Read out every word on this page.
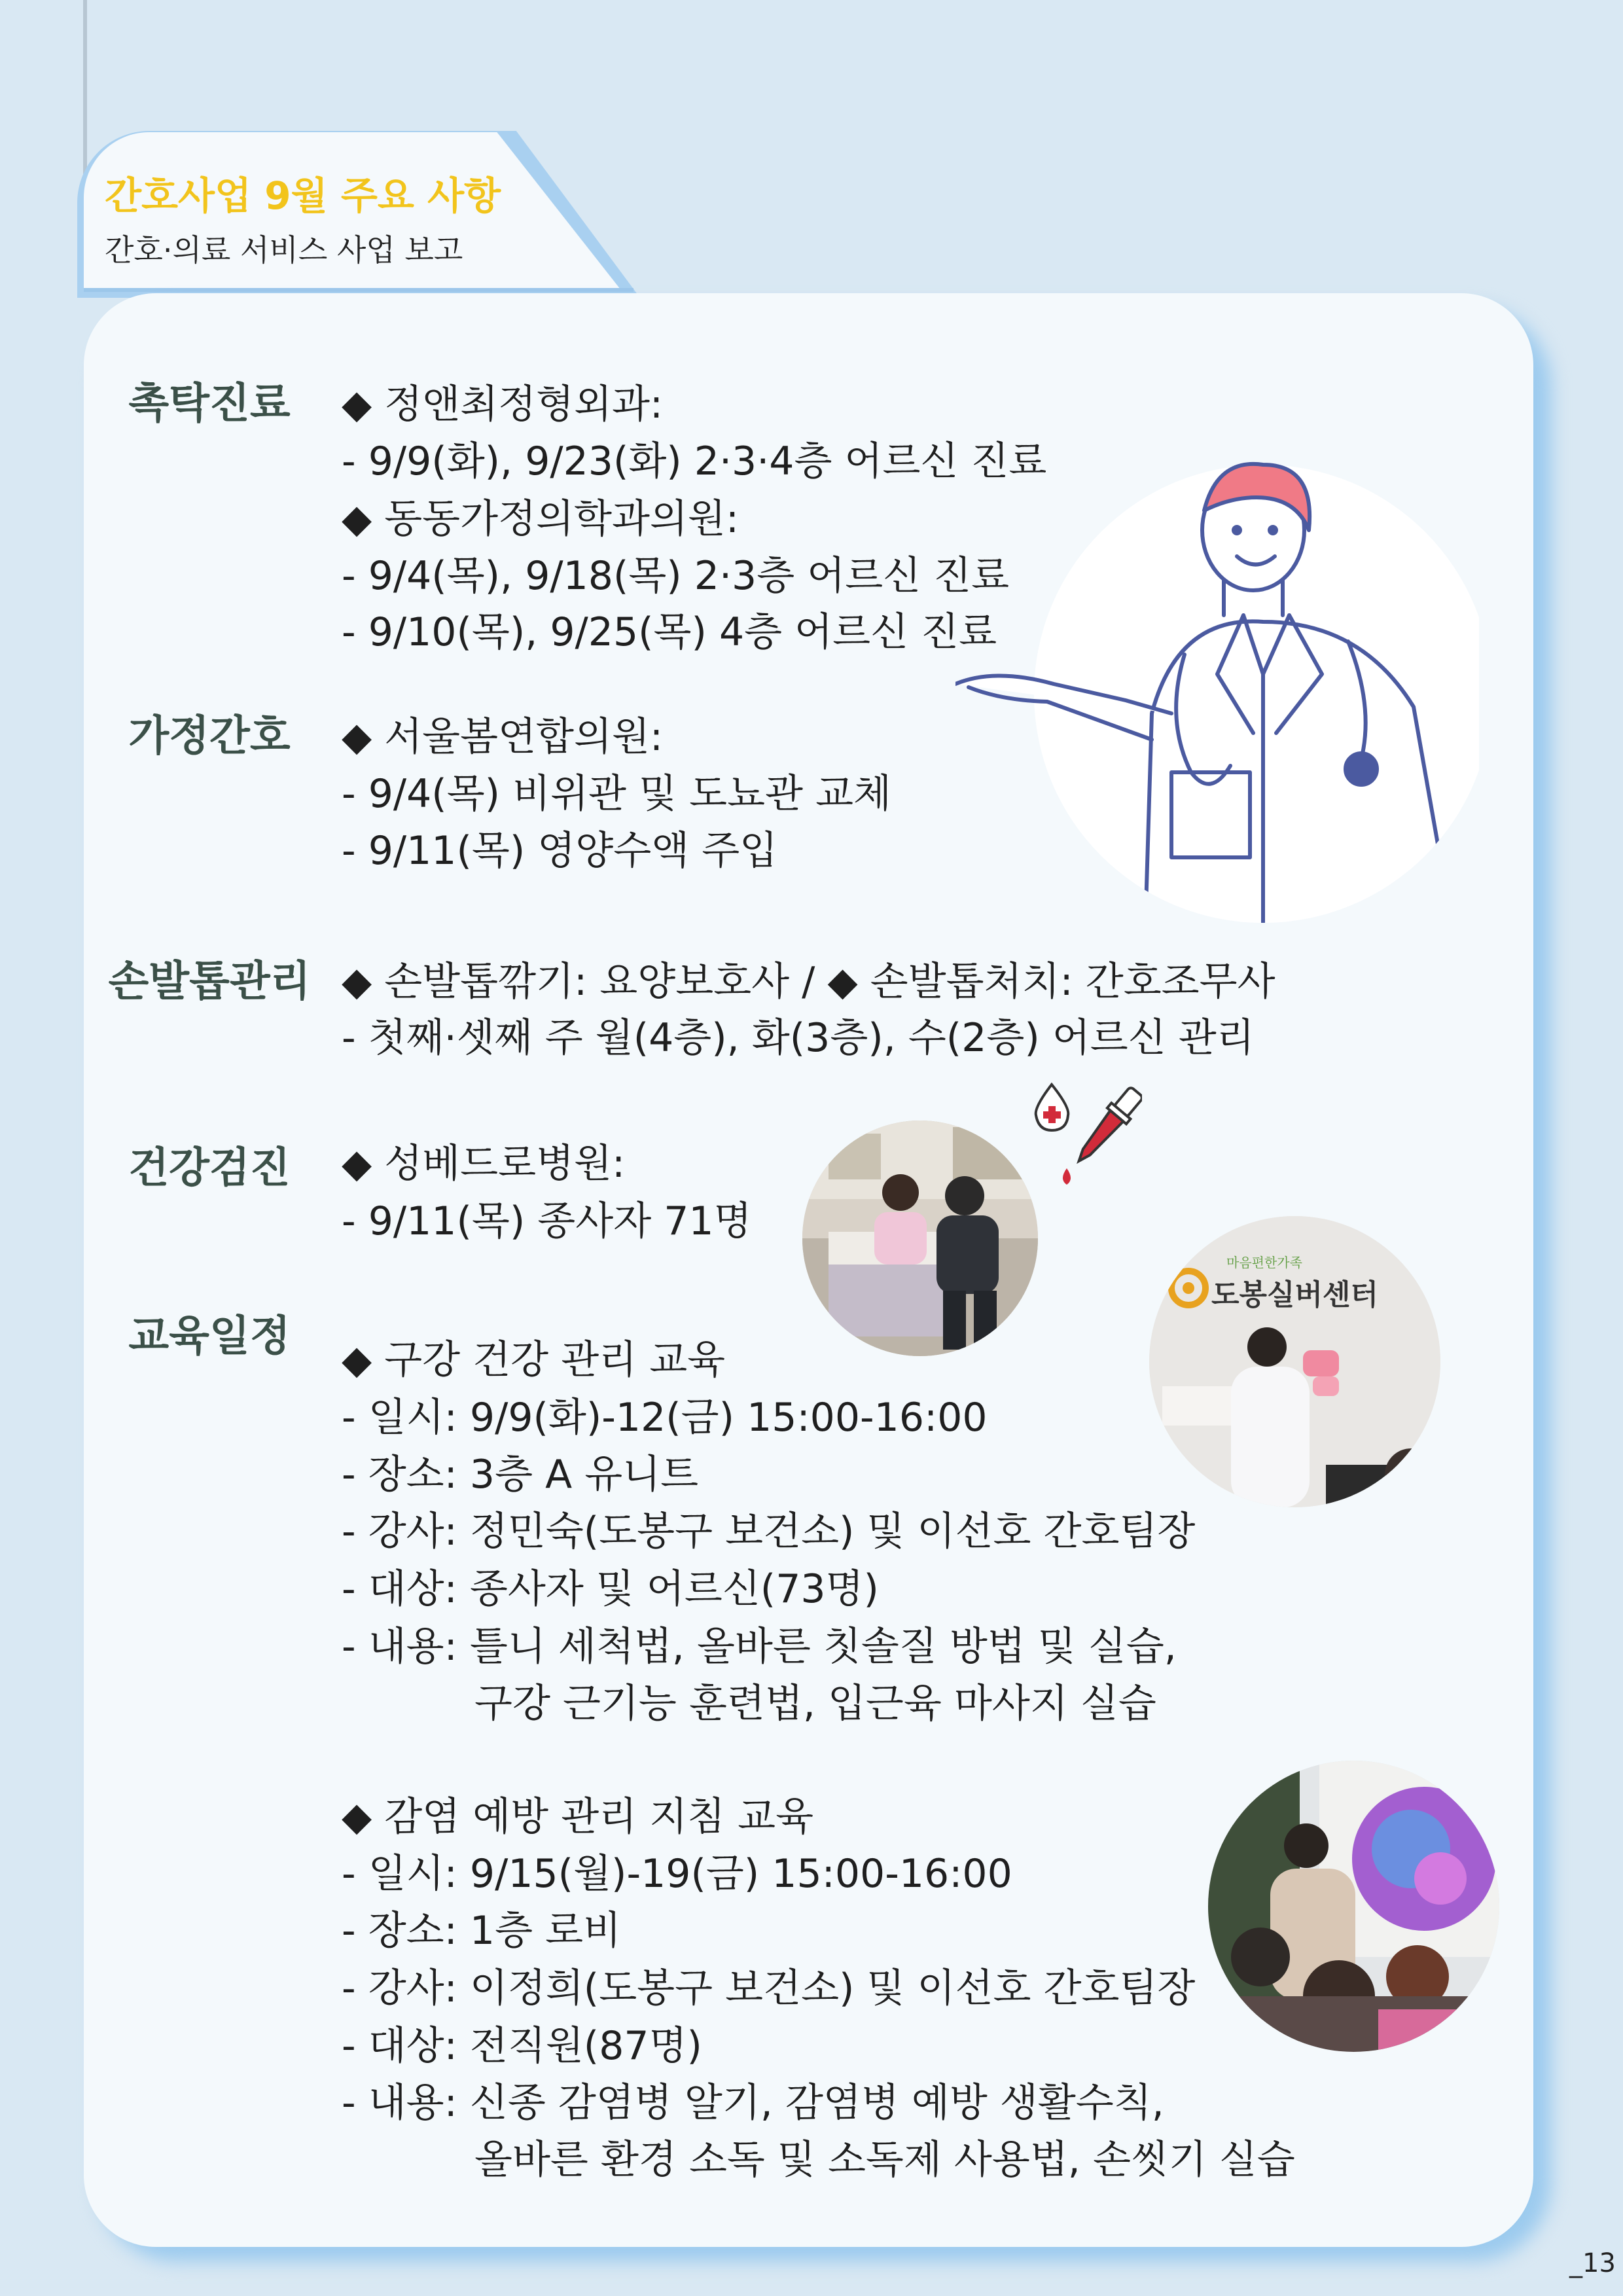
간호사업 9월 주요 사항
간호·의료 서비스 사업 보고
촉탁진료	◆ 정앤최정형외과:
- 9/9(화), 9/23(화) 2·3·4층 어르신 진료
◆ 동동가정의학과의원:
- 9/4(목), 9/18(목) 2·3층 어르신 진료
- 9/10(목), 9/25(목) 4층 어르신 진료
가정간호	◆ 서울봄연합의원:
- 9/4(목) 비위관 및 도뇨관 교체
- 9/11(목) 영양수액 주입
손발톱관리 ◆ 손발톱깎기: 요양보호사 / ◆ 손발톱처치: 간호조무사
- 첫째·셋째 주 월(4층), 화(3층), 수(2층) 어르신 관리
건강검진	◆ 성베드로병원:
- 9/11(목) 종사자 71명
마음편한가족
도봉실버센터
교육일정	◆ 구강 건강 관리 교육
- 일시: 9/9(화)-12(금) 15:00-16:00
- 장소: 3층 A 유니트
- 강사: 정민숙(도봉구 보건소) 및 이선호 간호팀장
- 대상: 종사자 및 어르신(73명)
- 내용: 틀니 세척법, 올바른 칫솔질 방법 및 실습,
구강 근기능 훈련법, 입근육 마사지 실습
◆ 감염 예방 관리 지침 교육
- 일시: 9/15(월)-19(금) 15:00-16:00
- 장소: 1층 로비
- 강사: 이정희(도봉구 보건소) 및 이선호 간호팀장
- 대상: 전직원(87명)
- 내용: 신종 감염병 알기, 감염병 예방 생활수칙,
올바른 환경 소독 및 소독제 사용법, 손씻기 실습
_13
